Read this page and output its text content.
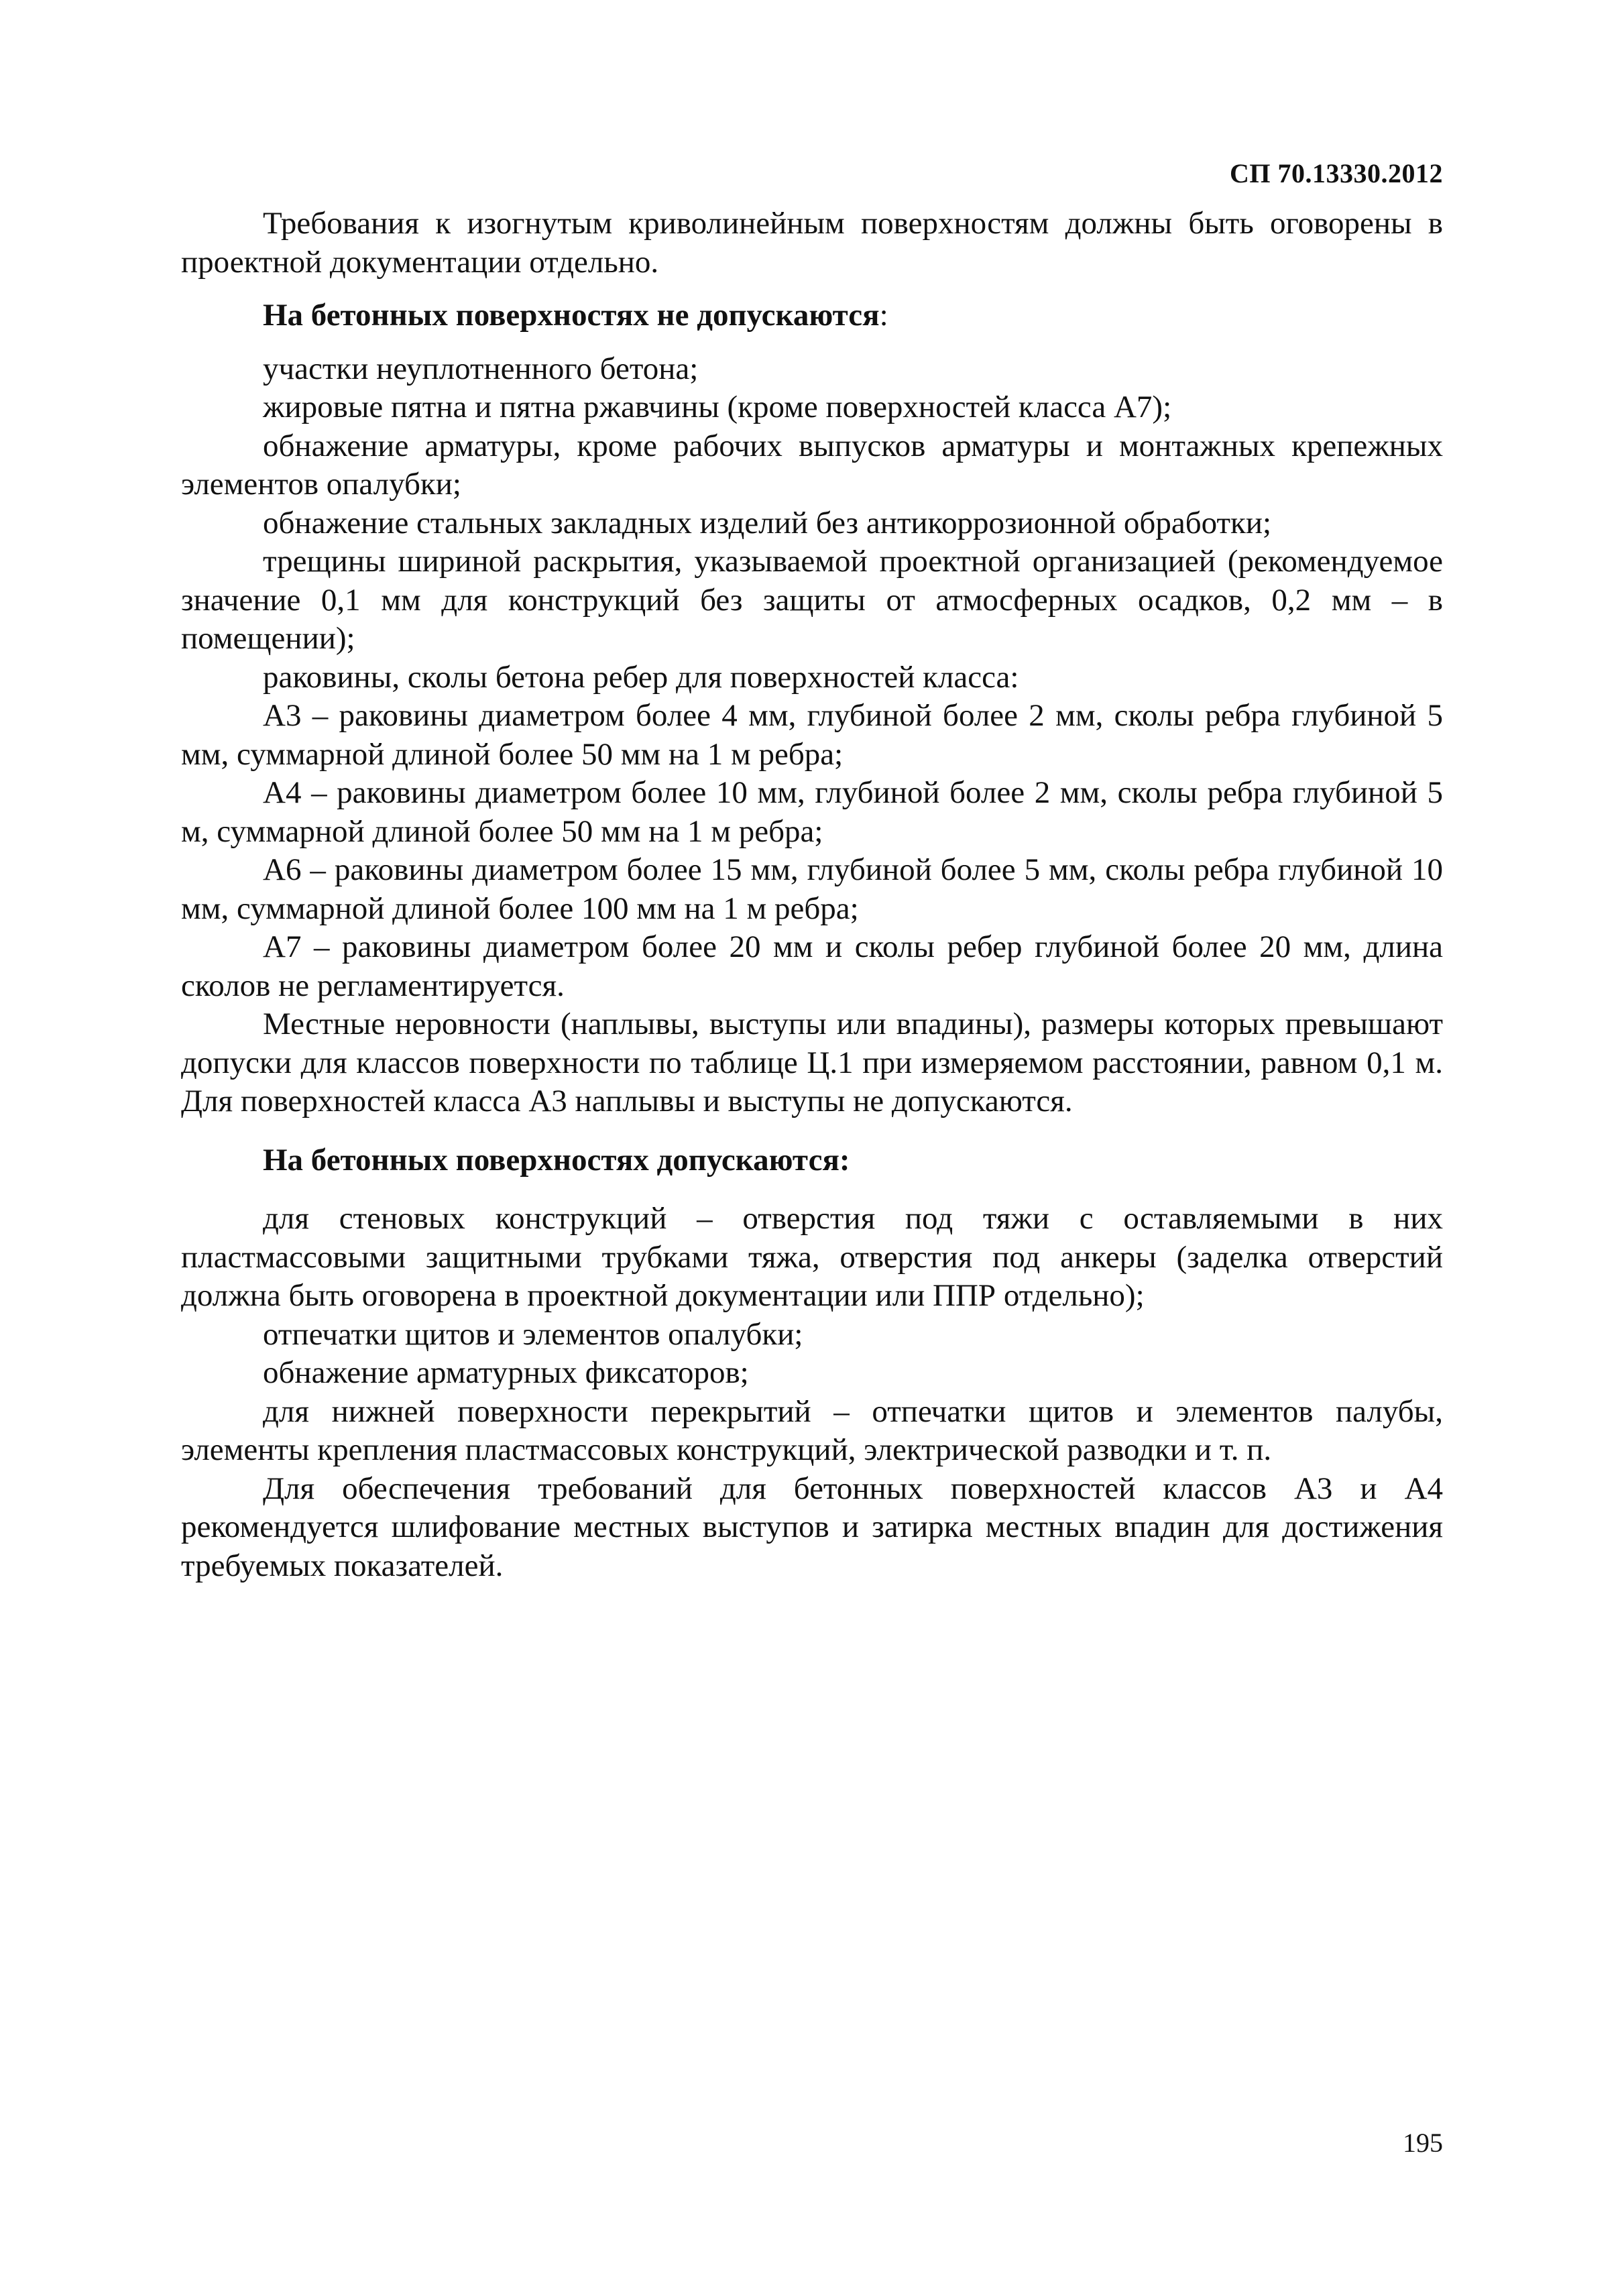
СП 70.13330.2012

Требования к изогнутым криволинейным поверхностям должны быть оговорены в проектной документации отдельно.

На бетонных поверхностях не допускаются:

участки неуплотненного бетона;

жировые пятна и пятна ржавчины (кроме поверхностей класса А7);

обнажение арматуры, кроме рабочих выпусков арматуры и монтажных крепежных элементов опалубки;

обнажение стальных закладных изделий без антикоррозионной обработки;

трещины шириной раскрытия, указываемой проектной организацией (рекомендуемое значение 0,1 мм для конструкций без защиты от атмосферных осадков, 0,2 мм – в помещении);

раковины, сколы бетона ребер для поверхностей класса:

А3 – раковины диаметром более 4 мм, глубиной более 2 мм, сколы ребра глубиной 5 мм, суммарной длиной более 50 мм на 1 м ребра;

А4 – раковины диаметром более 10 мм, глубиной более 2 мм, сколы ребра глубиной 5 м, суммарной длиной более 50 мм на 1 м ребра;

А6 – раковины диаметром более 15 мм, глубиной более 5 мм, сколы ребра глубиной 10 мм, суммарной длиной более 100 мм на 1 м ребра;

А7 – раковины диаметром более 20 мм и сколы ребер глубиной более 20 мм, длина сколов не регламентируется.

Местные неровности (наплывы, выступы или впадины), размеры которых превышают допуски для классов поверхности по таблице Ц.1 при измеряемом расстоянии, равном 0,1 м. Для поверхностей класса А3 наплывы и выступы не допускаются.

На бетонных поверхностях допускаются:

для стеновых конструкций – отверстия под тяжи с оставляемыми в них пластмассовыми защитными трубками тяжа, отверстия под анкеры (заделка отверстий должна быть оговорена в проектной документации или ППР отдельно);

отпечатки щитов и элементов опалубки;

обнажение арматурных фиксаторов;

для нижней поверхности перекрытий – отпечатки щитов и элементов палубы, элементы крепления пластмассовых конструкций, электрической разводки и т. п.

Для обеспечения требований для бетонных поверхностей классов А3 и А4 рекомендуется шлифование местных выступов и затирка местных впадин для достижения требуемых показателей.

195
